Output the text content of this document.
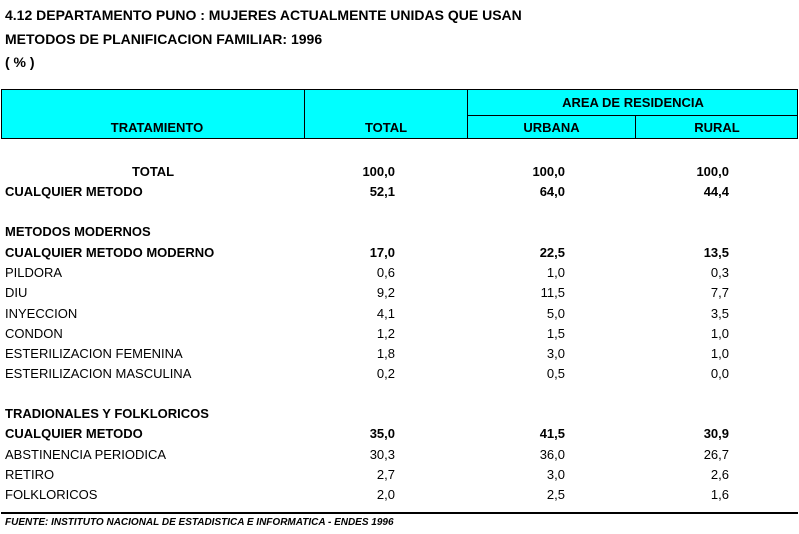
4.12 DEPARTAMENTO PUNO : MUJERES ACTUALMENTE UNIDAS QUE USAN
METODOS DE PLANIFICACION FAMILIAR: 1996
( % )
AREA DE RESIDENCIA
TRATAMIENTO	TOTAL	URBANA	RURAL
TOTAL	100,0	100,0	100,0
CUALQUIER METODO	52,1	64,0	44,4
METODOS MODERNOS
CUALQUIER METODO MODERNO	17,0	22,5	13,5
PILDORA	0,6	1,0	0,3
DIU	9,2	11,5	7,7
INYECCION	4,1	5,0	3,5
CONDON	1,2	1,5	1,0
ESTERILIZACION FEMENINA	1,8	3,0	1,0
ESTERILIZACION MASCULINA	0,2	0,5	0,0
TRADIONALES Y FOLKLORICOS
CUALQUIER METODO	35,0	41,5	30,9
ABSTINENCIA PERIODICA	30,3	36,0	26,7
RETIRO	2,7	3,0	2,6
FOLKLORICOS	2,0	2,5	1,6
FUENTE: INSTITUTO NACIONAL DE ESTADISTICA E INFORMATICA - ENDES 1996
